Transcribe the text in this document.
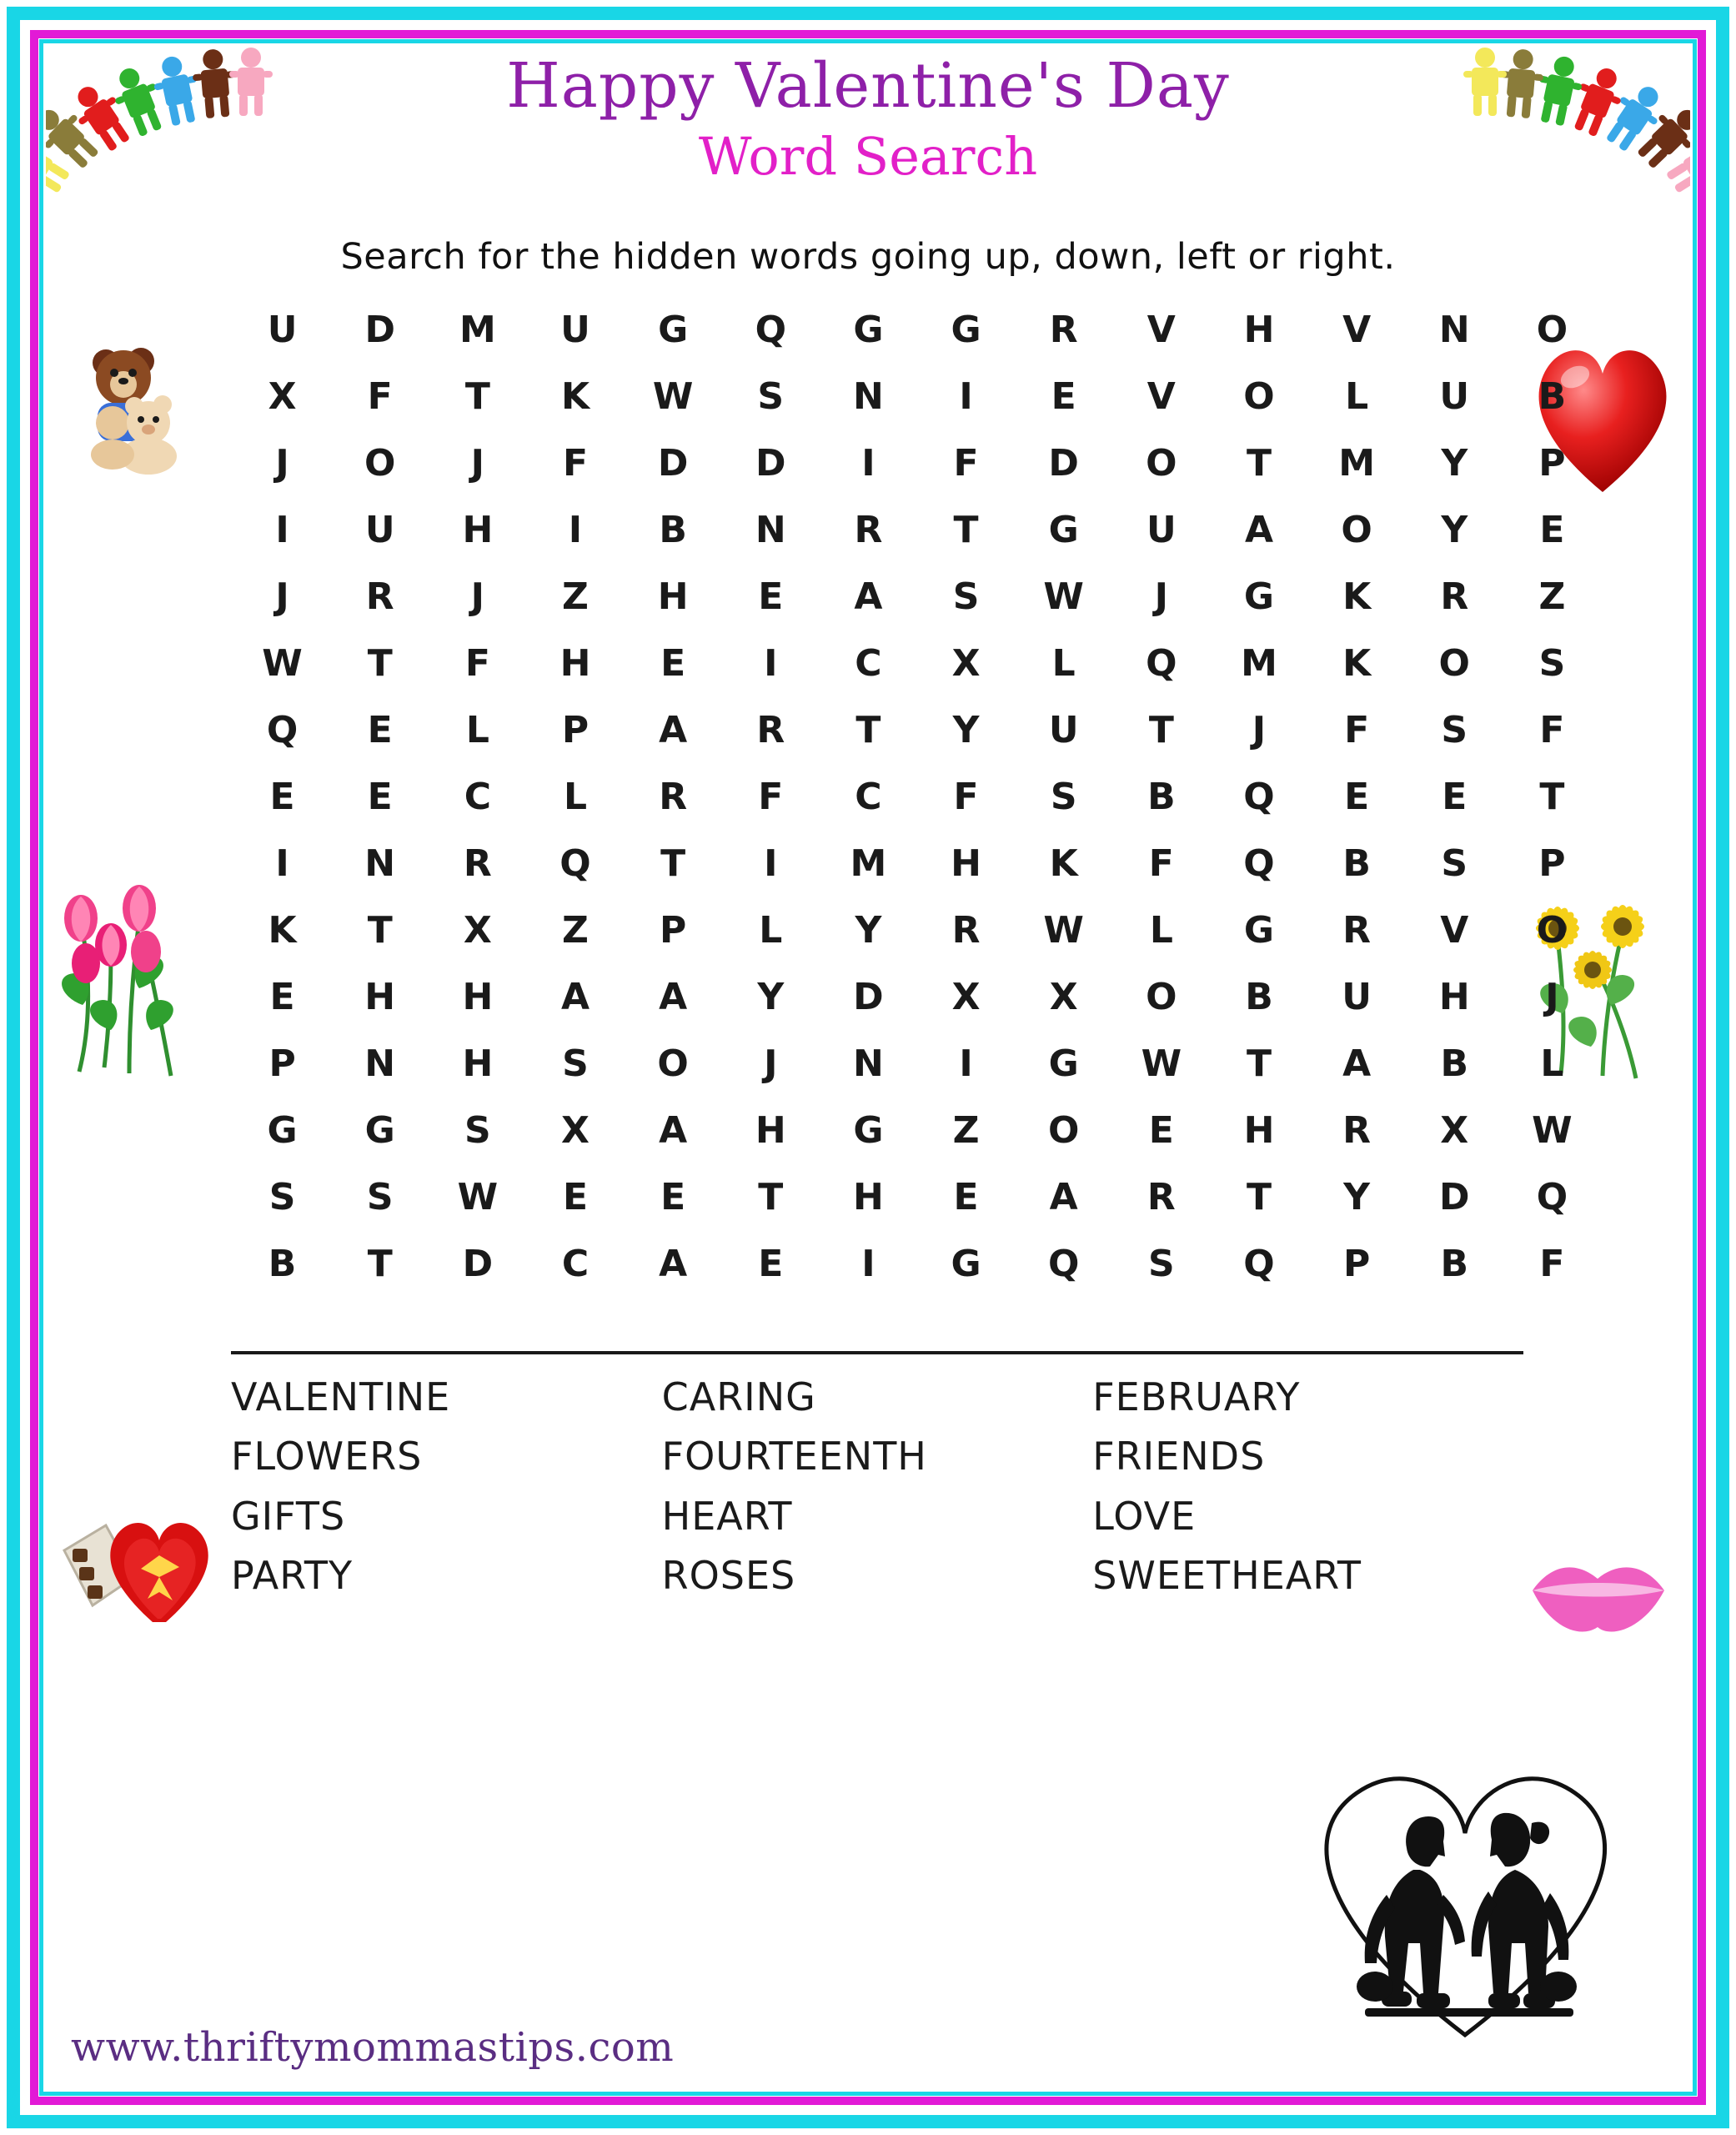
Happy Valentine's Day
Word Search
Search for the hidden words going up, down, left or right.
U	D	M	U	G	Q	G	G	R	V	H	V	N	O
X	F	T	K	W	S	N	I	E	V	O	L	U	B
J	O	J	F	D	D	I	F	D	O	T	M	Y	P
I	U	H	I	B	N	R	T	G	U	A	O	Y	E
J	R	J	Z	H	E	A	S	W	J	G	K	R	Z
W	T	F	H	E	I	C	X	L	Q	M	K	O	S
Q	E	L	P	A	R	T	Y	U	T	J	F	S	F
E	E	C	L	R	F	C	F	S	B	Q	E	E	T
I	N	R	Q	T	I	M	H	K	F	Q	B	S	P
K	T	X	Z	P	L	Y	R	W	L	G	R	V	O
E	H	H	A	A	Y	D	X	X	O	B	U	H	J
P	N	H	S	O	J	N	I	G	W	T	A	B	L
G	G	S	X	A	H	G	Z	O	E	H	R	X	W
S	S	W	E	E	T	H	E	A	R	T	Y	D	Q
B	T	D	C	A	E	I	G	Q	S	Q	P	B	F
VALENTINE
FLOWERS
GIFTS
PARTY
CARING
FOURTEENTH
HEART
ROSES
FEBRUARY
FRIENDS
LOVE
SWEETHEART
www.thriftymommastips.com
